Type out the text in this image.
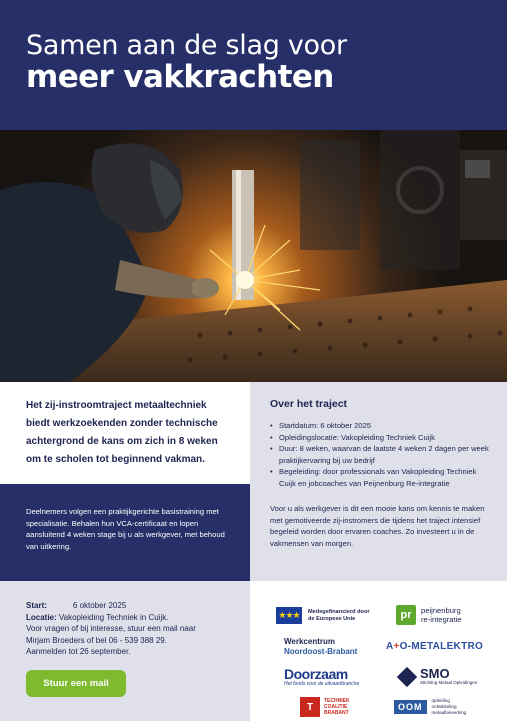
Samen aan de slag voor
meer vakkrachten

Het zij-instroomtraject metaaltechniek biedt werkzoekenden zonder technische achtergrond de kans om zich in 8 weken om te scholen tot beginnend vakman.

Over het traject
• Startdatum: 6 oktober 2025
• Opleidingslocatie: Vakopleiding Techniek Cuijk
• Duur: 8 weken, waarvan de laatste 4 weken 2 dagen per week praktijkervaring bij uw bedrijf
• Begeleiding: door professionals van Vakopleiding Techniek Cuijk en jobcoaches van Peijnenburg Re-integratie

Voor u als werkgever is dit een mooie kans om kennis te maken met gemotiveerde zij-instromers die tijdens het traject intensief begeleid worden door ervaren coaches. Zo investeert u in de vakmensen van morgen.

Deelnemers volgen een praktijkgerichte basistraining met specialisatie. Behalen hun VCA-certificaat en lopen aansluitend 4 weken stage bij u als werkgever, met behoud van uitkering.

Start:	6 oktober 2025
Locatie: Vakopleiding Techniek in Cuijk.
Voor vragen of bij interesse, stuur een mail naar
Mirjam Broeders of bel 06 - 539 388 29.
Aanmelden tot 26 september.
Stuur een mail
★★★	Medegefinancierd door
de Europese Unie	pr	peijnenburg
re-integratie
Werkcentrum
Noordoost-Brabant	A+O-METALEKTRO
Doorzaam
Het fonds voor de uitvaartbranche
SMO
Stichting Metaal Opleidingen
T
TECHNIEK
COALITIE
BRABANT
OOM
opleiding
ontwikkeling
metaalbewerking
